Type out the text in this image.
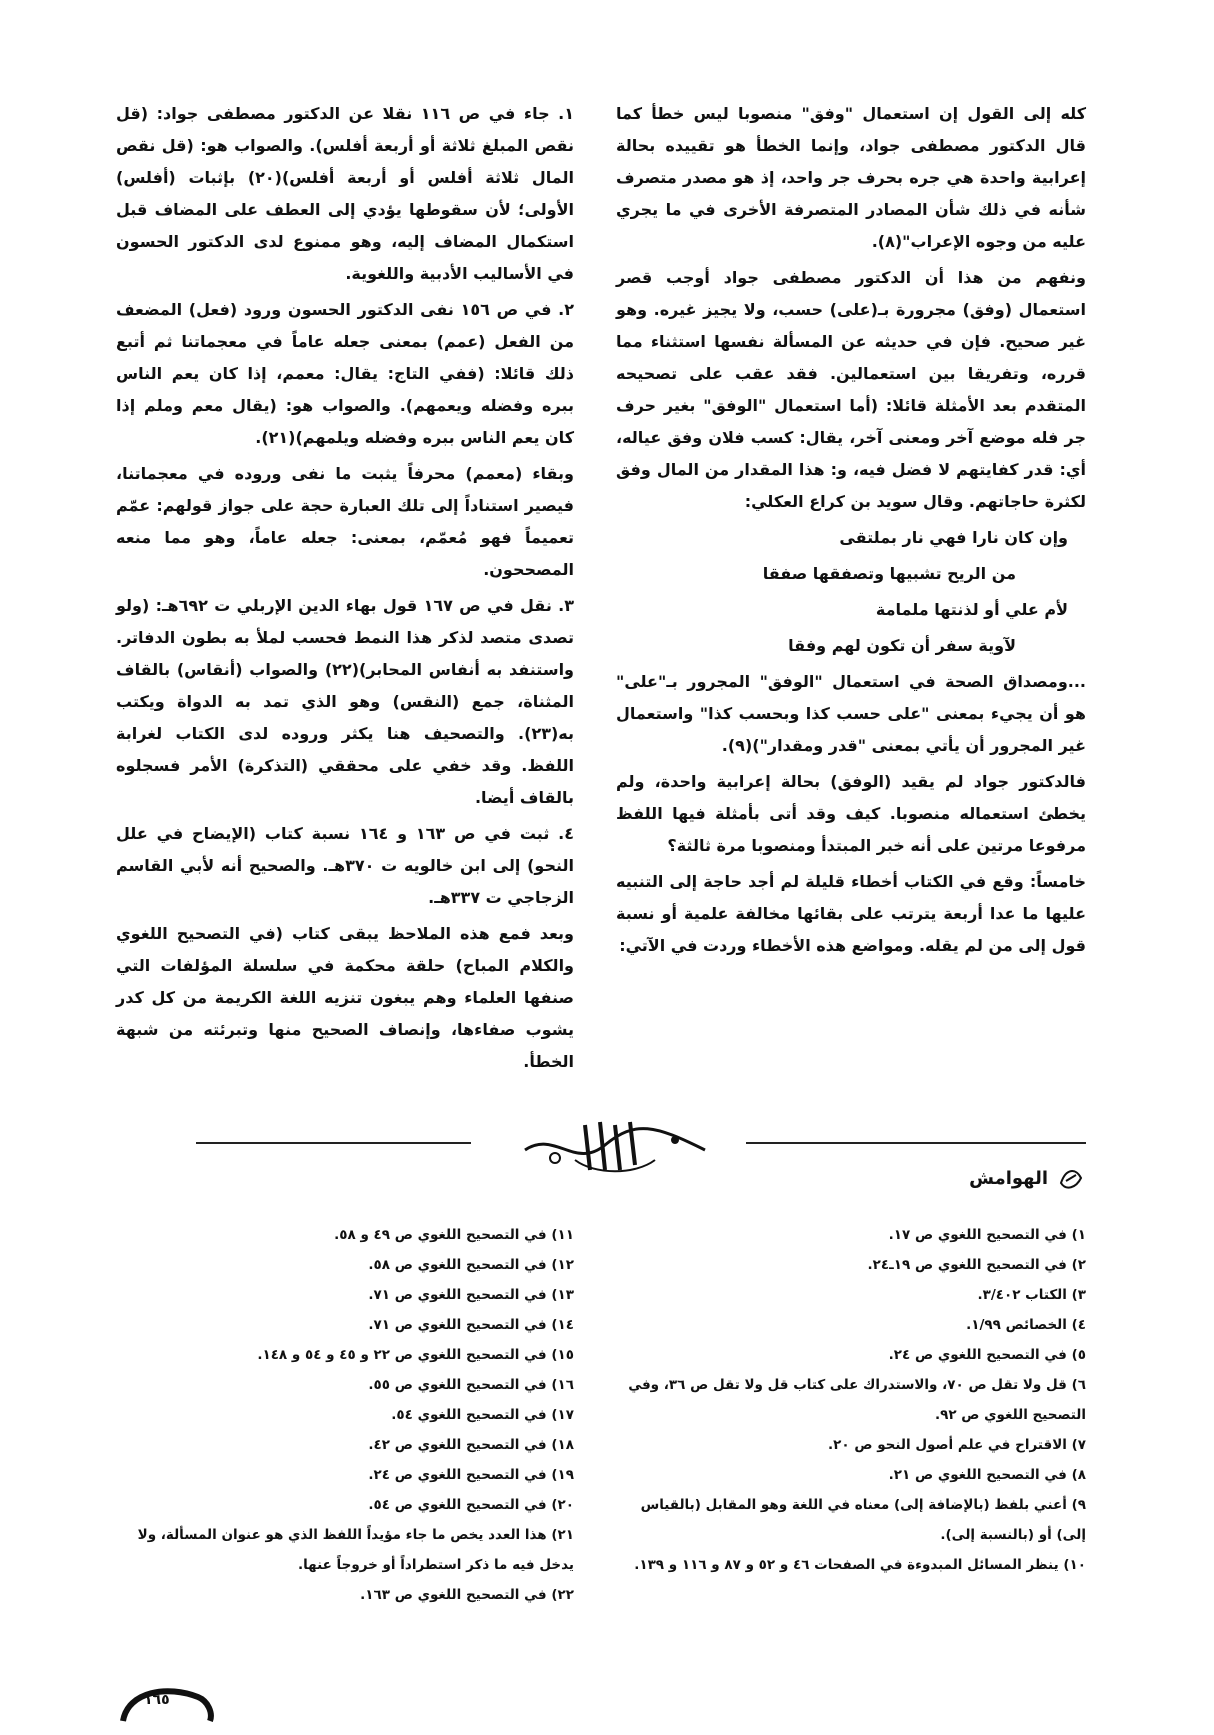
كله إلى القول إن استعمال "وفق" منصوبا ليس خطأ كما قال الدكتور مصطفى جواد، وإنما الخطأ هو تقييده بحالة إعرابية واحدة هي جره بحرف جر واحد، إذ هو مصدر متصرف شأنه في ذلك شأن المصادر المتصرفة الأخرى في ما يجري عليه من وجوه الإعراب"(٨).

ونفهم من هذا أن الدكتور مصطفى جواد أوجب قصر استعمال (وفق) مجرورة بـ(على) حسب، ولا يجيز غيره. وهو غير صحيح. فإن في حديثه عن المسألة نفسها استثناء مما قرره، وتفريقا بين استعمالين. فقد عقب على تصحيحه المتقدم بعد الأمثلة قائلا: (أما استعمال "الوفق" بغير حرف جر فله موضع آخر ومعنى آخر، يقال: كسب فلان وفق عياله، أي: قدر كفايتهم لا فضل فيه، و: هذا المقدار من المال وفق لكثرة حاجاتهم. وقال سويد بن كراع العكلي:

وإن كان نارا فهي نار بملتقى

من الريح تشبيها وتصفقها صفقا

لأم علي أو لذنتها ملمامة

لآوية سفر أن تكون لهم وفقا

...ومصداق الصحة في استعمال "الوفق" المجرور بـ"على" هو أن يجيء بمعنى "على حسب كذا وبحسب كذا" واستعمال غير المجرور أن يأتي بمعنى "قدر ومقدار")(٩).

فالدكتور جواد لم يقيد (الوفق) بحالة إعرابية واحدة، ولم يخطئ استعماله منصوبا. كيف وقد أتى بأمثلة فيها اللفظ مرفوعا مرتين على أنه خبر المبتدأ ومنصوبا مرة ثالثة؟

خامساً: وقع في الكتاب أخطاء قليلة لم أجد حاجة إلى التنبيه عليها ما عدا أربعة يترتب على بقائها مخالفة علمية أو نسبة قول إلى من لم يقله. ومواضع هذه الأخطاء وردت في الآتي:

١. جاء في ص ١١٦ نقلا عن الدكتور مصطفى جواد: (قل نقص المبلغ ثلاثة أو أربعة أفلس). والصواب هو: (قل نقص المال ثلاثة أفلس أو أربعة أفلس)(٢٠) بإثبات (أفلس) الأولى؛ لأن سقوطها يؤدي إلى العطف على المضاف قبل استكمال المضاف إليه، وهو ممنوع لدى الدكتور الحسون في الأساليب الأدبية واللغوية.

٢. في ص ١٥٦ نفى الدكتور الحسون ورود (فعل) المضعف من الفعل (عمم) بمعنى جعله عاماً في معجماتنا ثم أتبع ذلك قائلا: (ففي التاج: يقال: معمم، إذا كان يعم الناس ببره وفضله ويعمهم). والصواب هو: (يقال معم وملم إذا كان يعم الناس ببره وفضله ويلمهم)(٢١).

وبقاء (معمم) محرفاً يثبت ما نفى وروده في معجماتنا، فيصير استناداً إلى تلك العبارة حجة على جواز قولهم: عمّم تعميماً فهو مُعمّم، بمعنى: جعله عاماً، وهو مما منعه المصححون.

٣. نقل في ص ١٦٧ قول بهاء الدين الإربلي ت ٦٩٢هـ: (ولو تصدى متصد لذكر هذا النمط فحسب لملأ به بطون الدفاتر. واستنفد به أنفاس المحابر)(٢٢) والصواب (أنقاس) بالقاف المثناة، جمع (النقس) وهو الذي تمد به الدواة ويكتب به(٢٣). والتصحيف هنا يكثر وروده لدى الكتاب لغرابة اللفظ. وقد خفي على محققي (التذكرة) الأمر فسجلوه بالقاف أيضا.

٤. ثبت في ص ١٦٣ و ١٦٤ نسبة كتاب (الإيضاح في علل النحو) إلى ابن خالويه ت ٣٧٠هـ. والصحيح أنه لأبي القاسم الزجاجي ت ٣٣٧هـ.

وبعد فمع هذه الملاحظ يبقى كتاب (في التصحيح اللغوي والكلام المباح) حلقة محكمة في سلسلة المؤلفات التي صنفها العلماء وهم يبغون تنزيه اللغة الكريمة من كل كدر يشوب صفاءها، وإنصاف الصحيح منها وتبرئته من شبهة الخطأ.

الهوامش
١) في التصحيح اللغوي ص ١٧.
٢) في التصحيح اللغوي ص ١٩ـ٢٤.
٣) الكتاب ٣/٤٠٢.
٤) الخصائص ١/٩٩.
٥) في التصحيح اللغوي ص ٢٤.
٦) قل ولا تقل ص ٧٠، والاستدراك على كتاب قل ولا تقل ص ٣٦، وفي التصحيح اللغوي ص ٩٢.
٧) الاقتراح في علم أصول النحو ص ٢٠.
٨) في التصحيح اللغوي ص ٢١.
٩) أعني بلفظ (بالإضافة إلى) معناه في اللغة وهو المقابل (بالقياس إلى) أو (بالنسبة إلى).
١٠) ينظر المسائل المبدوءة في الصفحات ٤٦ و ٥٢ و ٨٧ و ١١٦ و ١٣٩.
١١) في التصحيح اللغوي ص ٤٩ و ٥٨.
١٢) في التصحيح اللغوي ص ٥٨.
١٣) في التصحيح اللغوي ص ٧١.
١٤) في التصحيح اللغوي ص ٧١.
١٥) في التصحيح اللغوي ص ٢٢ و ٤٥ و ٥٤ و ١٤٨.
١٦) في التصحيح اللغوي ص ٥٥.
١٧) في التصحيح اللغوي ٥٤.
١٨) في التصحيح اللغوي ص ٤٢.
١٩) في التصحيح اللغوي ص ٢٤.
٢٠) في التصحيح اللغوي ص ٥٤.
٢١) هذا العدد يخص ما جاء مؤيداً اللفظ الذي هو عنوان المسألة، ولا يدخل فيه ما ذكر استطراداً أو خروجاً عنها.
٢٢) في التصحيح اللغوي ص ١٦٣.
١٦٥
